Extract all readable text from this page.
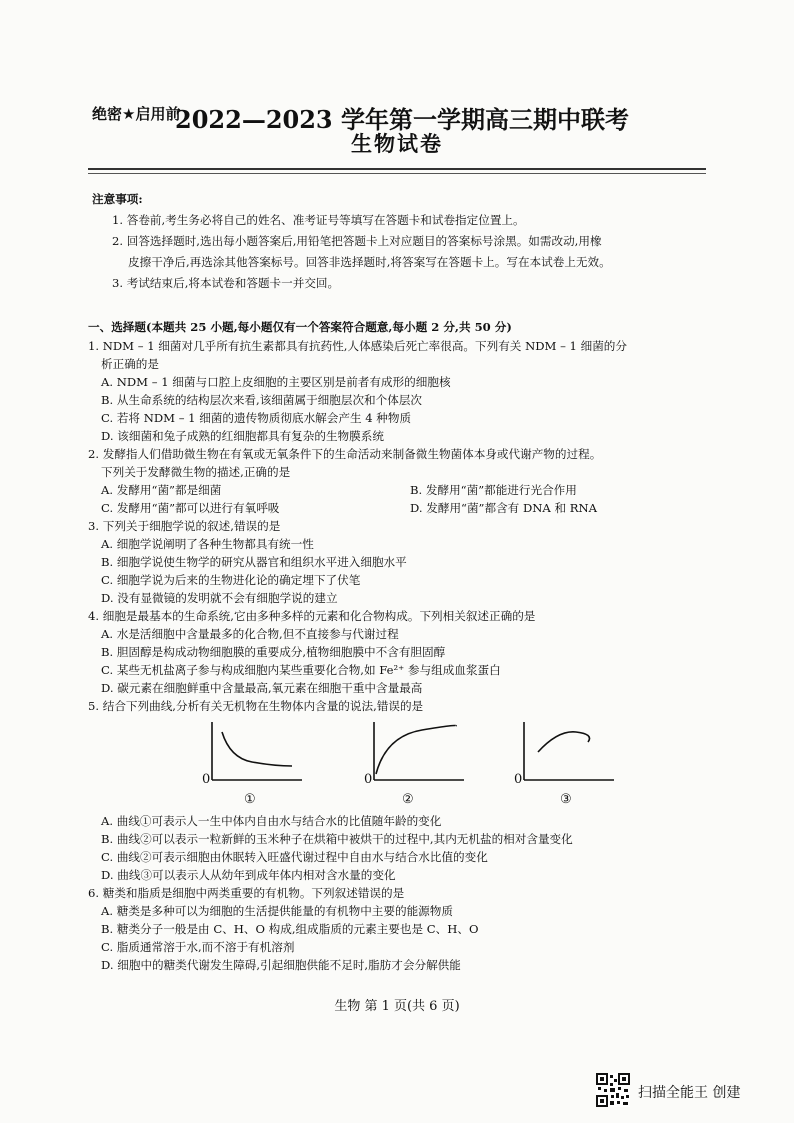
绝密★启用前
2022—2023 学年第一学期高三期中联考
生物试卷
注意事项:
1. 答卷前,考生务必将自己的姓名、准考证号等填写在答题卡和试卷指定位置上。
2. 回答选择题时,选出每小题答案后,用铅笔把答题卡上对应题目的答案标号涂黑。如需改动,用橡
皮擦干净后,再选涂其他答案标号。回答非选择题时,将答案写在答题卡上。写在本试卷上无效。
3. 考试结束后,将本试卷和答题卡一并交回。
一、选择题(本题共 25 小题,每小题仅有一个答案符合题意,每小题 2 分,共 50 分)
1. NDM – 1 细菌对几乎所有抗生素都具有抗药性,人体感染后死亡率很高。下列有关 NDM – 1 细菌的分
析正确的是
A. NDM – 1 细菌与口腔上皮细胞的主要区别是前者有成形的细胞核
B. 从生命系统的结构层次来看,该细菌属于细胞层次和个体层次
C. 若将 NDM – 1 细菌的遗传物质彻底水解会产生 4 种物质
D. 该细菌和兔子成熟的红细胞都具有复杂的生物膜系统
2. 发酵指人们借助微生物在有氧或无氧条件下的生命活动来制备微生物菌体本身或代谢产物的过程。
下列关于发酵微生物的描述,正确的是
A. 发酵用“菌”都是细菌	B. 发酵用“菌”都能进行光合作用
C. 发酵用“菌”都可以进行有氧呼吸	D. 发酵用“菌”都含有 DNA 和 RNA
3. 下列关于细胞学说的叙述,错误的是
A. 细胞学说阐明了各种生物都具有统一性
B. 细胞学说使生物学的研究从器官和组织水平进入细胞水平
C. 细胞学说为后来的生物进化论的确定埋下了伏笔
D. 没有显微镜的发明就不会有细胞学说的建立
4. 细胞是最基本的生命系统,它由多种多样的元素和化合物构成。下列相关叙述正确的是
A. 水是活细胞中含量最多的化合物,但不直接参与代谢过程
B. 胆固醇是构成动物细胞膜的重要成分,植物细胞膜中不含有胆固醇
C. 某些无机盐离子参与构成细胞内某些重要化合物,如 Fe²⁺ 参与组成血浆蛋白
D. 碳元素在细胞鲜重中含量最高,氧元素在细胞干重中含量最高
5. 结合下列曲线,分析有关无机物在生物体内含量的说法,错误的是
0
①
0
②
0
③
A. 曲线①可表示人一生中体内自由水与结合水的比值随年龄的变化
B. 曲线②可以表示一粒新鲜的玉米种子在烘箱中被烘干的过程中,其内无机盐的相对含量变化
C. 曲线②可表示细胞由休眠转入旺盛代谢过程中自由水与结合水比值的变化
D. 曲线③可以表示人从幼年到成年体内相对含水量的变化
6. 糖类和脂质是细胞中两类重要的有机物。下列叙述错误的是
A. 糖类是多种可以为细胞的生活提供能量的有机物中主要的能源物质
B. 糖类分子一般是由 C、H、O 构成,组成脂质的元素主要也是 C、H、O
C. 脂质通常溶于水,而不溶于有机溶剂
D. 细胞中的糖类代谢发生障碍,引起细胞供能不足时,脂肪才会分解供能
生物 第 1 页(共 6 页)
扫描全能王 创建
